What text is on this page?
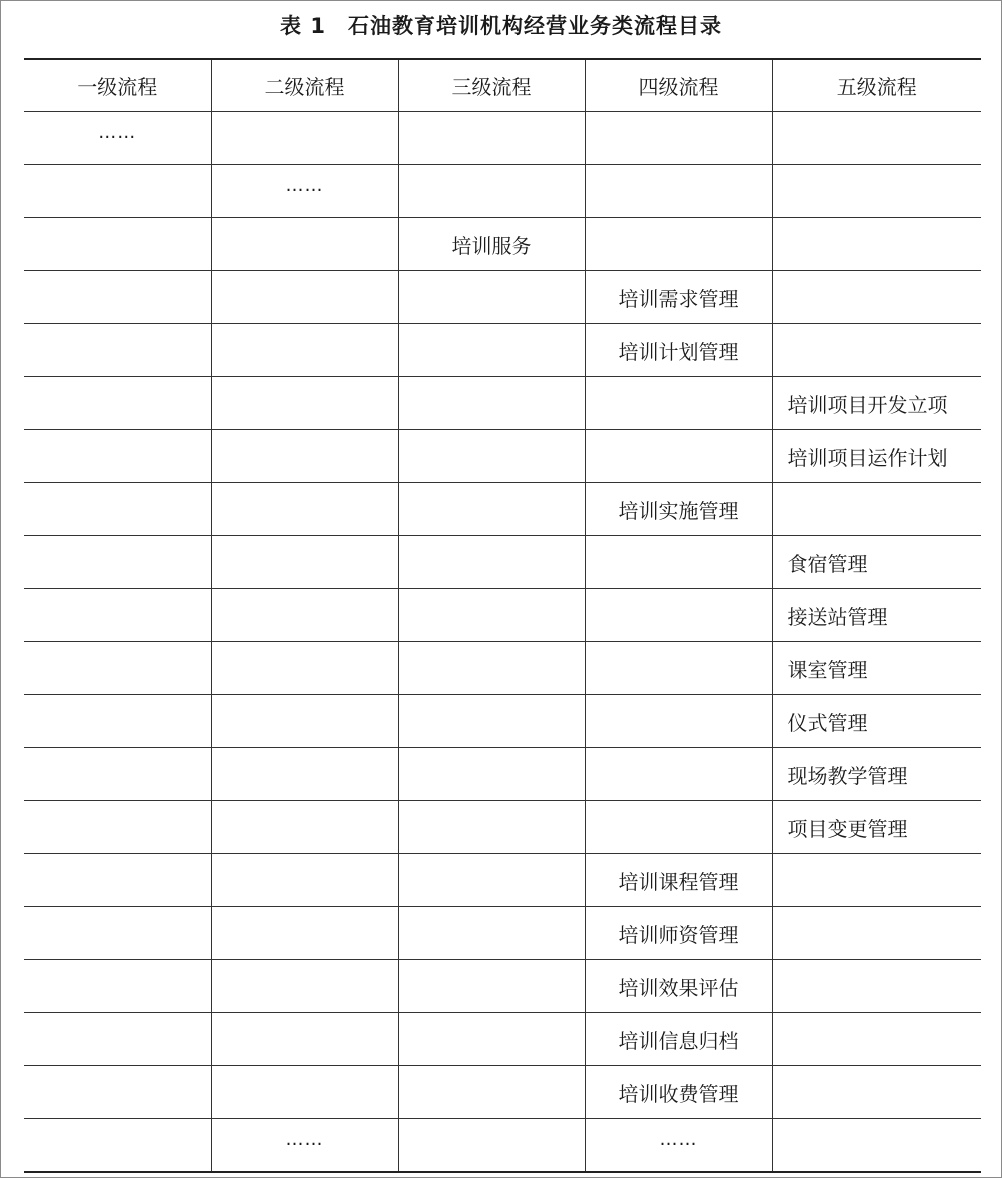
表 1　石油教育培训机构经营业务类流程目录
一级流程	二级流程	三级流程	四级流程	五级流程
……				
	……			
		培训服务		
			培训需求管理	
			培训计划管理	
				培训项目开发立项
				培训项目运作计划
			培训实施管理	
				食宿管理
				接送站管理
				课室管理
				仪式管理
				现场教学管理
				项目变更管理
			培训课程管理	
			培训师资管理	
			培训效果评估	
			培训信息归档	
			培训收费管理	
	……		……	
